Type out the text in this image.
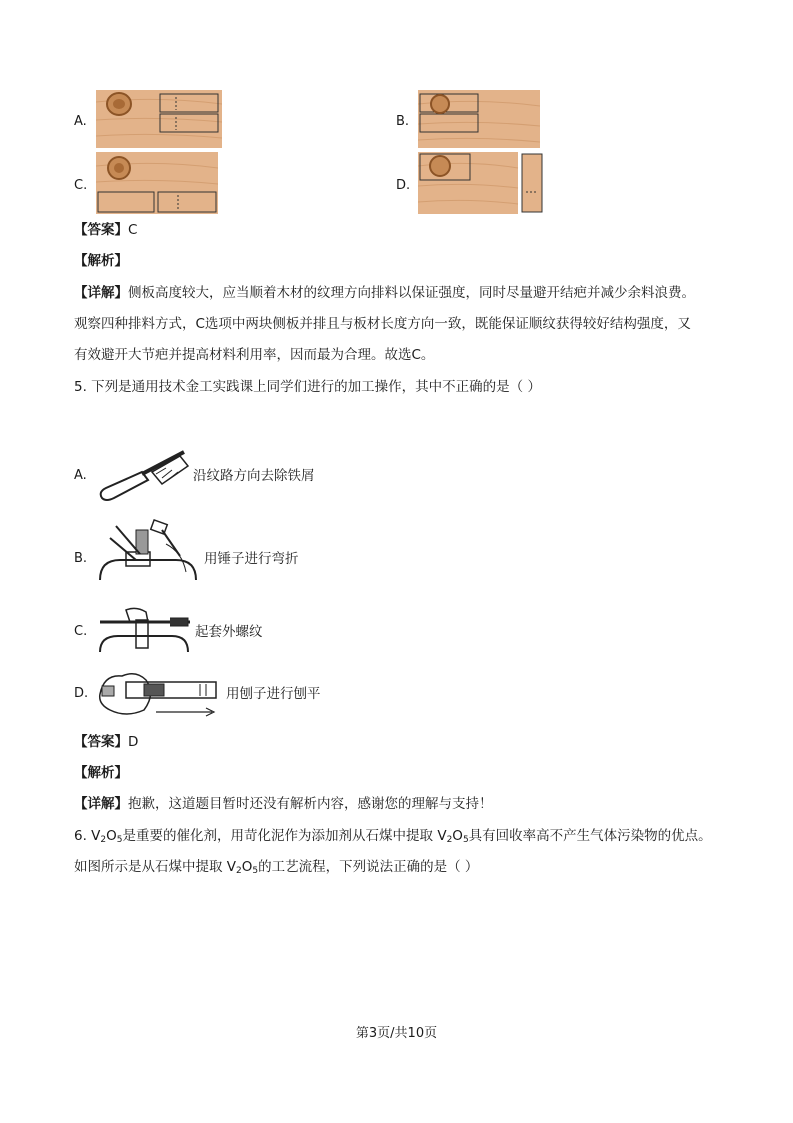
A.	B.
C.	D.
【答案】C
【解析】
【详解】侧板高度较大，应当顺着木材的纹理方向排料以保证强度，同时尽量避开结疤并减少余料浪费。
观察四种排料方式，C选项中两块侧板并排且与板材长度方向一致，既能保证顺纹获得较好结构强度，又
有效避开大节疤并提高材料利用率，因而最为合理。故选C。
5. 下列是通用技术金工实践课上同学们进行的加工操作，其中不正确的是（ ）
A.	沿纹路方向去除铁屑
B.	用锤子进行弯折
C.	起套外螺纹
D.	用刨子进行刨平
【答案】D
【解析】
【详解】抱歉，这道题目暂时还没有解析内容，感谢您的理解与支持！
6. $V_2O_5$是重要的催化剂，用苛化泥作为添加剂从石煤中提取 $V_2O_5$具有回收率高不产生气体污染物的优点。
如图所示是从石煤中提取 $V_2O_5$的工艺流程，下列说法正确的是（ ）
第3页/共10页
